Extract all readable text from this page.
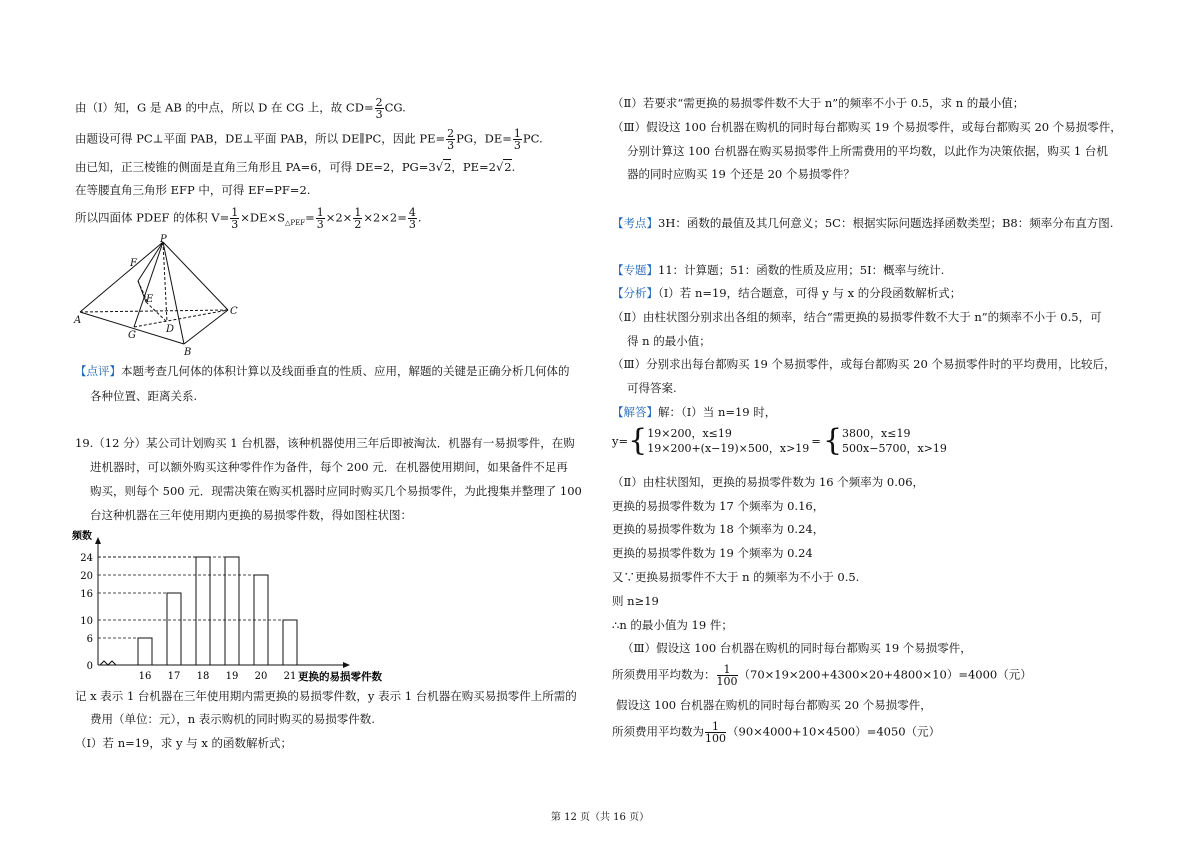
由（Ⅰ）知，G 是 AB 的中点，所以 D 在 CG 上，故 $CD= \frac{2}{3}$ CG.
由题设可得 PC⊥平面 PAB，DE⊥平面 PAB，所以 DE∥PC，因此 $PE= \frac{2}{3}$ PG，$DE= \frac{1}{3}$ PC.
由已知，正三棱锥的侧面是直角三角形且 PA=6，可得 DE=2，PG=3√2，PE=2√2.
在等腰直角三角形 EFP 中，可得 EF=PF=2.
所以四面体 PDEF 的体积 $V= \frac{1}{3} \times DE\times S_{\triangle PEF}= \frac{1}{3} \times 2\times \frac{1}{2} \times 2\times 2= \frac{4}{3}$ .
P
F
E
A
C
G
D
B
【点评】本题考查几何体的体积计算以及线面垂直的性质、应用，解题的关键是正确分析几何体的
各种位置、距离关系.
19.（12 分）某公司计划购买 1 台机器，该种机器使用三年后即被淘汰．机器有一易损零件，在购
进机器时，可以额外购买这种零件作为备件，每个 200 元．在机器使用期间，如果备件不足再
购买，则每个 500 元．现需决策在购买机器时应同时购买几个易损零件，为此搜集并整理了 100
台这种机器在三年使用期内更换的易损零件数，得如图柱状图：
0
6
10
16
20
24
16 17 18 19 20 21
频数
更换的易损零件数
记 x 表示 1 台机器在三年使用期内需更换的易损零件数，y 表示 1 台机器在购买易损零件上所需的
费用（单位：元），n 表示购机的同时购买的易损零件数.
（Ⅰ）若 n=19，求 y 与 x 的函数解析式；
（Ⅱ）若要求“需更换的易损零件数不大于 n”的频率不小于 0.5，求 n 的最小值；
（Ⅲ）假设这 100 台机器在购机的同时每台都购买 19 个易损零件，或每台都购买 20 个易损零件，
分别计算这 100 台机器在购买易损零件上所需费用的平均数，以此作为决策依据，购买 1 台机
器的同时应购买 19 个还是 20 个易损零件？
【考点】3H：函数的最值及其几何意义；5C：根据实际问题选择函数类型；B8：频率分布直方图.
【专题】11：计算题；51：函数的性质及应用；5I：概率与统计.
【分析】（Ⅰ）若 n=19，结合题意，可得 y 与 x 的分段函数解析式；
（Ⅱ）由柱状图分别求出各组的频率，结合“需更换的易损零件数不大于 n”的频率不小于 0.5，可
得 n 的最小值；
（Ⅲ）分别求出每台都购买 19 个易损零件，或每台都购买 20 个易损零件时的平均费用，比较后，
可得答案.
【解答】解：（Ⅰ）当 n=19 时，
y={19×200，x≤19
19×200+(x−19)×500，x>19={3800，x≤19
500x−5700，x>19
（Ⅱ）由柱状图知，更换的易损零件数为 16 个频率为 0.06，
更换的易损零件数为 17 个频率为 0.16，
更换的易损零件数为 18 个频率为 0.24，
更换的易损零件数为 19 个频率为 0.24
又∵更换易损零件不大于 n 的频率为不小于 0.5.
则 n≥19
∴n 的最小值为 19 件；
（Ⅲ）假设这 100 台机器在购机的同时每台都购买 19 个易损零件，
所须费用平均数为： $\frac{1}{100} (70\times 19\times 200+4300\times 20+4800\times 10)=4000$（元）
假设这 100 台机器在购机的同时每台都购买 20 个易损零件，
所须费用平均数为 $\frac{1}{100} (90\times 4000+10\times 4500)=4050$（元）
第 12 页（共 16 页）
